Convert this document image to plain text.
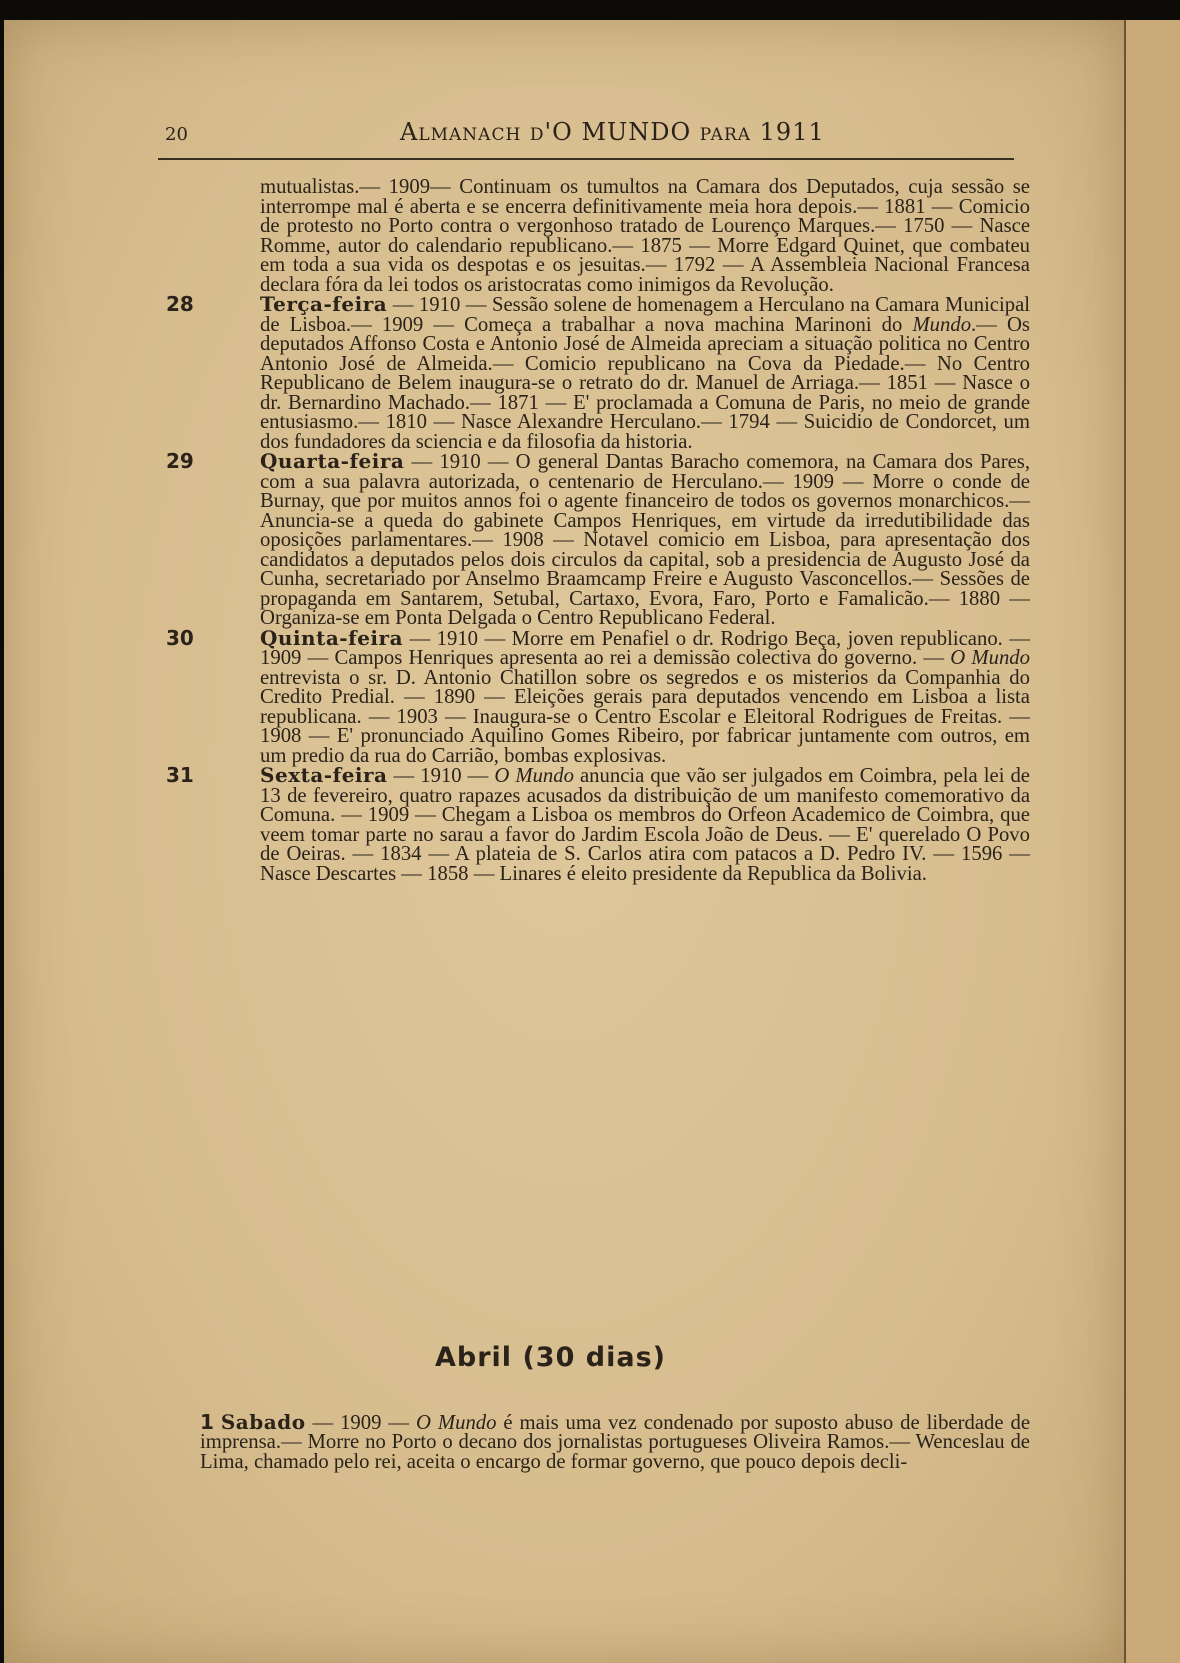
20	Almanach d'O MUNDO para 1911

mutualistas.— 1909— Continuam os tumultos na Camara dos Deputados, cuja sessão se interrompe mal é aberta e se encerra definitivamente meia hora depois.— 1881 — Comicio de protesto no Porto contra o vergonhoso tratado de Lourenço Marques.— 1750 — Nasce Romme, autor do calendario republicano.— 1875 — Morre Edgard Quinet, que combateu em toda a sua vida os despotas e os jesuitas.— 1792 — A Assembleia Nacional Francesa declara fóra da lei todos os aristocratas como inimigos da Revolução.

28	Terça-feira — 1910 — Sessão solene de homenagem a Herculano na Camara Municipal de Lisboa.— 1909 — Começa a trabalhar a nova machina Marinoni do Mundo.— Os deputados Affonso Costa e Antonio José de Almeida apreciam a situação politica no Centro Antonio José de Almeida.— Comicio republicano na Cova da Piedade.— No Centro Republicano de Belem inaugura-se o retrato do dr. Manuel de Arriaga.— 1851 — Nasce o dr. Bernardino Machado.— 1871 — E' proclamada a Comuna de Paris, no meio de grande entusiasmo.— 1810 — Nasce Alexandre Herculano.— 1794 — Suicidio de Condorcet, um dos fundadores da sciencia e da filosofia da historia.

29	Quarta-feira — 1910 — O general Dantas Baracho comemora, na Camara dos Pares, com a sua palavra autorizada, o centenario de Herculano.— 1909 — Morre o conde de Burnay, que por muitos annos foi o agente financeiro de todos os governos monarchicos.— Anuncia-se a queda do gabinete Campos Henriques, em virtude da irredutibilidade das oposições parlamentares.— 1908 — Notavel comicio em Lisboa, para apresentação dos candidatos a deputados pelos dois circulos da capital, sob a presidencia de Augusto José da Cunha, secretariado por Anselmo Braamcamp Freire e Augusto Vasconcellos.— Sessões de propaganda em Santarem, Setubal, Cartaxo, Evora, Faro, Porto e Famalicão.— 1880 — Organiza-se em Ponta Delgada o Centro Republicano Federal.

30	Quinta-feira — 1910 — Morre em Penafiel o dr. Rodrigo Beça, joven republicano. — 1909 — Campos Henriques apresenta ao rei a demissão colectiva do governo. — O Mundo entrevista o sr. D. Antonio Chatillon sobre os segredos e os misterios da Companhia do Credito Predial. — 1890 — Eleições gerais para deputados vencendo em Lisboa a lista republicana. — 1903 — Inaugura-se o Centro Escolar e Eleitoral Rodrigues de Freitas. — 1908 — E' pronunciado Aquilino Gomes Ribeiro, por fabricar juntamente com outros, em um predio da rua do Carrião, bombas explosivas.

31	Sexta-feira — 1910 — O Mundo anuncia que vão ser julgados em Coimbra, pela lei de 13 de fevereiro, quatro rapazes acusados da distribuição de um manifesto comemorativo da Comuna. — 1909 — Chegam a Lisboa os membros do Orfeon Academico de Coimbra, que veem tomar parte no sarau a favor do Jardim Escola João de Deus. — E' querelado O Povo de Oeiras. — 1834 — A plateia de S. Carlos atira com patacos a D. Pedro IV. — 1596 — Nasce Descartes — 1858 — Linares é eleito presidente da Republica da Bolivia.

Abril (30 dias)

1 Sabado — 1909 — O Mundo é mais uma vez condenado por suposto abuso de liberdade de imprensa.— Morre no Porto o decano dos jornalistas portugueses Oliveira Ramos.— Wenceslau de Lima, chamado pelo rei, aceita o encargo de formar governo, que pouco depois decli-
